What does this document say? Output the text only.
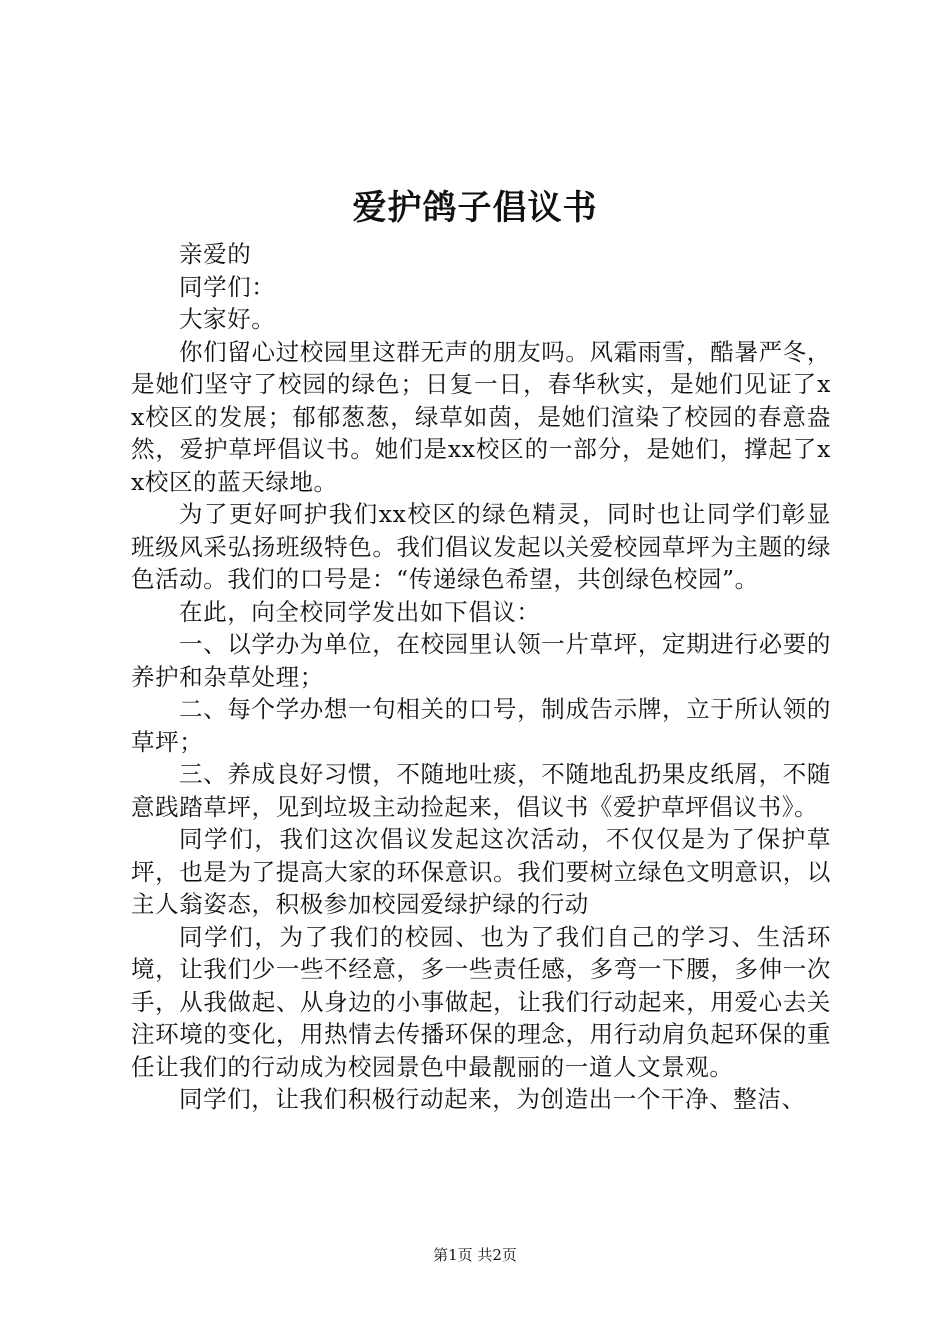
爱护鸽子倡议书

亲爱的

同学们：

大家好。

你们留心过校园里这群无声的朋友吗。风霜雨雪，酷暑严冬，是她们坚守了校园的绿色；日复一日，春华秋实，是她们见证了xx校区的发展；郁郁葱葱，绿草如茵，是她们渲染了校园的春意盎然，爱护草坪倡议书。她们是xx校区的一部分，是她们，撑起了xx校区的蓝天绿地。

为了更好呵护我们xx校区的绿色精灵，同时也让同学们彰显班级风采弘扬班级特色。我们倡议发起以关爱校园草坪为主题的绿色活动。我们的口号是：“传递绿色希望，共创绿色校园”。

在此，向全校同学发出如下倡议：

一、以学办为单位，在校园里认领一片草坪，定期进行必要的养护和杂草处理；

二、每个学办想一句相关的口号，制成告示牌，立于所认领的草坪；

三、养成良好习惯，不随地吐痰，不随地乱扔果皮纸屑，不随意践踏草坪，见到垃圾主动捡起来，倡议书《爱护草坪倡议书》。

同学们，我们这次倡议发起这次活动，不仅仅是为了保护草坪，也是为了提高大家的环保意识。我们要树立绿色文明意识，以主人翁姿态，积极参加校园爱绿护绿的行动

同学们，为了我们的校园、也为了我们自己的学习、生活环境，让我们少一些不经意，多一些责任感，多弯一下腰，多伸一次手，从我做起、从身边的小事做起，让我们行动起来，用爱心去关注环境的变化，用热情去传播环保的理念，用行动肩负起环保的重任让我们的行动成为校园景色中最靓丽的一道人文景观。

同学们，让我们积极行动起来，为创造出一个干净、整洁、

第1页 共2页
